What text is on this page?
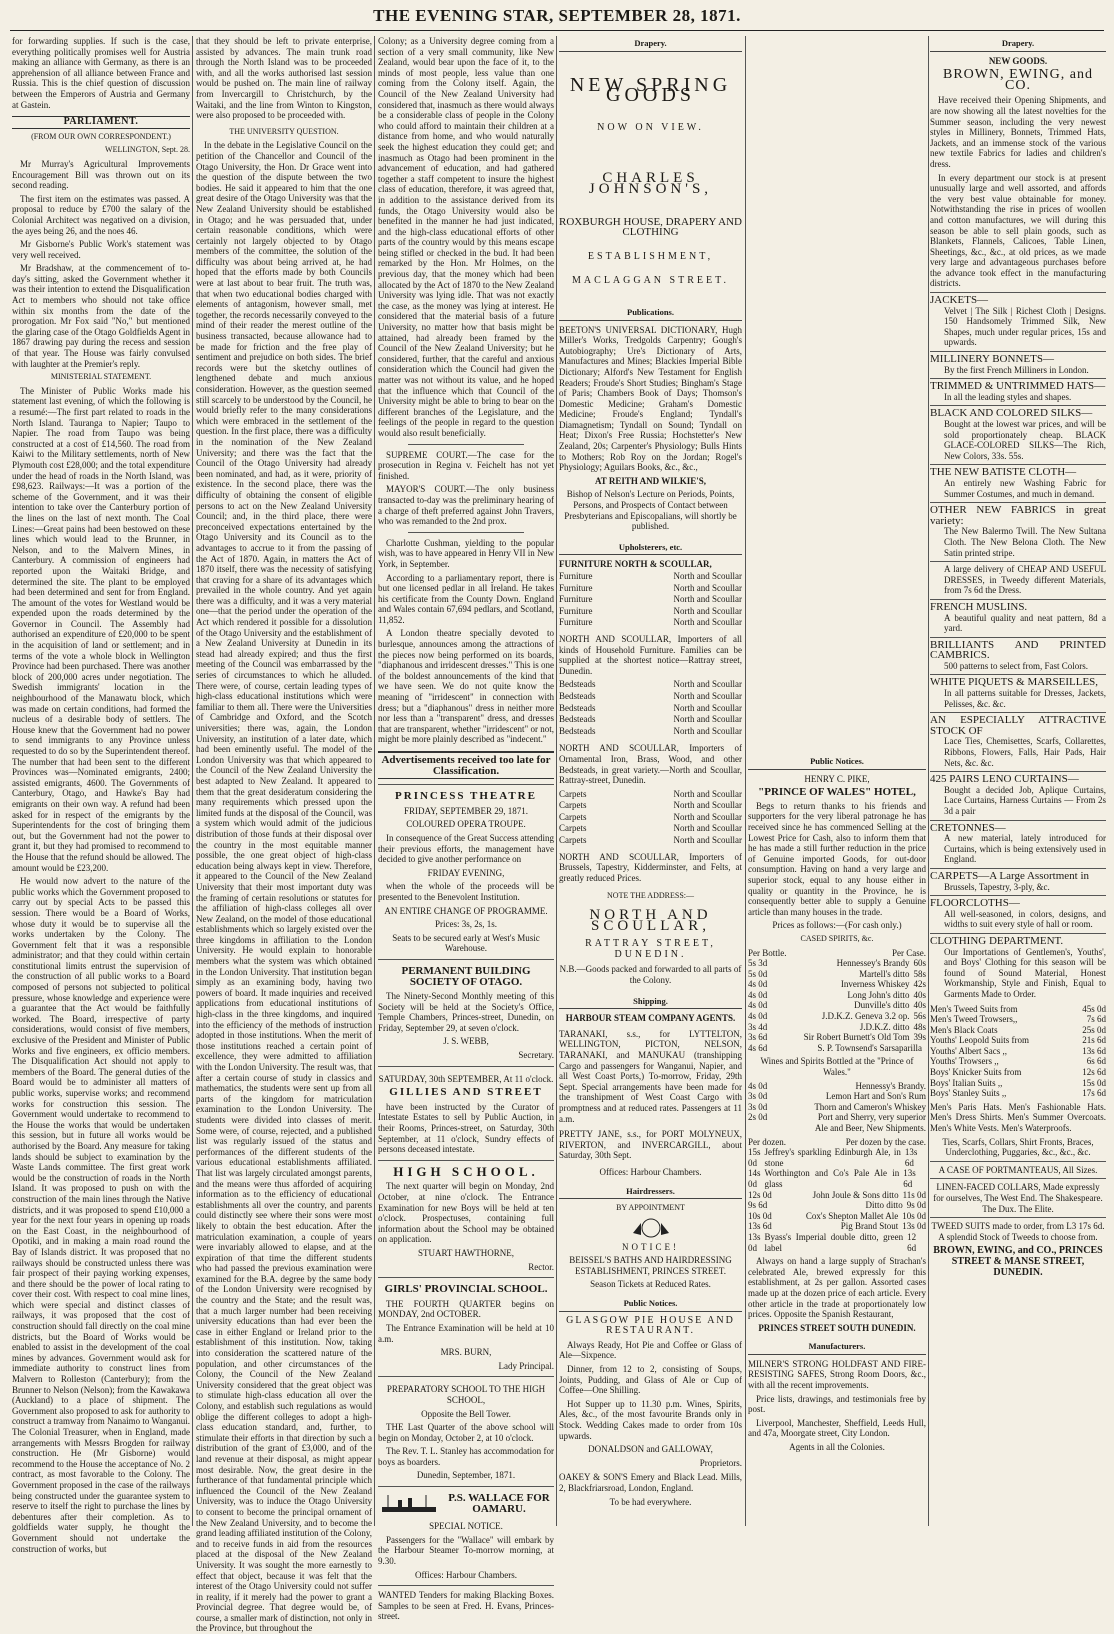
THE EVENING STAR, SEPTEMBER 28, 1871.

for forwarding supplies. If such is the case, everything politically promises well for Austria making an alliance with Germany, as there is an apprehension of all alliance between France and Russia. This is the chief question of discussion between the Emperors of Austria and Germany at Gastein.

PARLIAMENT.
(FROM OUR OWN CORRESPONDENT.)
WELLINGTON, Sept. 28.

Mr Murray's Agricultural Improvements Encouragement Bill was thrown out on its second reading.

The first item on the estimates was passed. A proposal to reduce by £700 the salary of the Colonial Architect was negatived on a division, the ayes being 26, and the noes 46.

Mr Gisborne's Public Work's statement was very well received.

Mr Bradshaw, at the commencement of to-day's sitting, asked the Government whether it was their intention to extend the Disqualification Act to members who should not take office within six months from the date of the prorogation. Mr Fox said "No," but mentioned the glaring case of the Otago Goldfields Agent in 1867 drawing pay during the recess and session of that year. The House was fairly convulsed with laughter at the Premier's reply.

MINISTERIAL STATEMENT.

The Minister of Public Works made his statement last evening, of which the following is a resumé:—The first part related to roads in the North Island. Tauranga to Napier; Taupo to Napier. The road from Taupo was being constructed at a cost of £14,560. The road from Kaiwi to the Military settlements, north of New Plymouth cost £28,000; and the total expenditure under the head of roads in the North Island, was £98,623. Railways:—It was a portion of the scheme of the Government, and it was their intention to take over the Canterbury portion of the lines on the last of next month. The Coal Lines:—Great pains had been bestowed on these lines which would lead to the Brunner, in Nelson, and to the Malvern Mines, in Canterbury. A commission of engineers had reported upon the Waitaki Bridge, and determined the site. The plant to be employed had been determined and sent for from England. The amount of the votes for Westland would be expended upon the roads determined by the Governor in Council. The Assembly had authorised an expenditure of £20,000 to be spent in the acquisition of land or settlement; and in terms of the vote a whole block in Wellington Province had been purchased. There was another block of 200,000 acres under negotiation. The Swedish immigrants' location in the neighbourhood of the Manawatu block, which was made on certain conditions, had formed the nucleus of a desirable body of settlers. The House knew that the Government had no power to send immigrants to any Province unless requested to do so by the Superintendent thereof. The number that had been sent to the different Provinces was—Nominated emigrants, 2400; assisted emigrants, 4600. The Governments of Canterbury, Otago, and Hawke's Bay had emigrants on their own way. A refund had been asked for in respect of the emigrants by the Superintendents for the cost of bringing them out, but the Government had not the power to grant it, but they had promised to recommend to the House that the refund should be allowed. The amount would be £23,200.

He would now advert to the nature of the public works which the Government proposed to carry out by special Acts to be passed this session. There would be a Board of Works, whose duty it would be to supervise all the works undertaken by the Colony. The Government felt that it was a responsible administrator; and that they could within certain constitutional limits entrust the supervision of the construction of all public works to a Board composed of persons not subjected to political pressure, whose knowledge and experience were a guarantee that the Act would be faithfully worked. The Board, irrespective of party considerations, would consist of five members, exclusive of the President and Minister of Public Works and five engineers, ex officio members. The Disqualification Act should not apply to members of the Board. The general duties of the Board would be to administer all matters of public works, supervise works; and recommend works for construction this session. The Government would undertake to recommend to the House the works that would be undertaken this session, but in future all works would be authorised by the Board. Any measure for taking lands should be subject to examination by the Waste Lands committee. The first great work would be the construction of roads in the North Island. It was proposed to push on with the construction of the main lines through the Native districts, and it was proposed to spend £10,000 a year for the next four years in opening up roads on the East Coast, in the neighbourhood of Opotiki, and in making a main road round the Bay of Islands district. It was proposed that no railways should be constructed unless there was fair prospect of their paying working expenses, and there should be the power of local rating to cover their cost. With respect to coal mine lines, which were special and distinct classes of railways, it was proposed that the cost of construction should fall directly on the coal mine districts, but the Board of Works would be enabled to assist in the development of the coal mines by advances. Government would ask for immediate authority to construct lines from Malvern to Rolleston (Canterbury); from the Brunner to Nelson (Nelson); from the Kawakawa (Auckland) to a place of shipment. The Government also proposed to ask for authority to construct a tramway from Nanaimo to Wanganui. The Colonial Treasurer, when in England, made arrangements with Messrs Brogden for railway construction. He (Mr Gisborne) would recommend to the House the acceptance of No. 2 contract, as most favorable to the Colony. The Government proposed in the case of the railways being constructed under the guarantee system to reserve to itself the right to purchase the lines by debentures after their completion. As to goldfields water supply, he thought the Government should not undertake the construction of works, but

that they should be left to private enterprise, assisted by advances. The main trunk road through the North Island was to be proceeded with, and all the works authorised last session would be pushed on. The main line of railway from Invercargill to Christchurch, by the Waitaki, and the line from Winton to Kingston, were also proposed to be proceeded with.

THE UNIVERSITY QUESTION.

In the debate in the Legislative Council on the petition of the Chancellor and Council of the Otago University, the Hon. Dr Grace went into the question of the dispute between the two bodies. He said it appeared to him that the one great desire of the Otago University was that the New Zealand University should be established in Otago; and he was persuaded that, under certain reasonable conditions, which were certainly not largely objected to by Otago members of the committee, the solution of the difficulty was about being arrived at, he had hoped that the efforts made by both Councils were at last about to bear fruit. The truth was, that when two educational bodies charged with elements of antagonism, however small, met together, the records necessarily conveyed to the mind of their reader the merest outline of the business transacted, because allowance had to be made for friction and the free play of sentiment and prejudice on both sides. The brief records were but the sketchy outlines of lengthened debate and much anxious consideration. However, as the question seemed still scarcely to be understood by the Council, he would briefly refer to the many considerations which were embraced in the settlement of the question. In the first place, there was a difficulty in the nomination of the New Zealand University; and there was the fact that the Council of the Otago University had already been nominated, and had, as it were, priority of existence. In the second place, there was the difficulty of obtaining the consent of eligible persons to act on the New Zealand University Council; and, in the third place, there were preconceived expectations entertained by the Otago University and its Council as to the advantages to accrue to it from the passing of the Act of 1870. Again, in matters the Act of 1870 itself, there was the necessity of satisfying that craving for a share of its advantages which prevailed in the whole country. And yet again there was a difficulty, and it was a very material one—that the period under the operation of the Act which rendered it possible for a dissolution of the Otago University and the establishment of a New Zealand University at Dunedin in its stead had already expired; and thus the first meeting of the Council was embarrassed by the series of circumstances to which he alluded. There were, of course, certain leading types of high-class educational institutions which were familiar to them all. There were the Universities of Cambridge and Oxford, and the Scotch universities; there was, again, the London University, an institution of a later date, which had been eminently useful. The model of the London University was that which appeared to the Council of the New Zealand University the best adapted to New Zealand. It appeared to them that the great desideratum considering the many requirements which pressed upon the limited funds at the disposal of the Council, was a system which would admit of the judicious distribution of those funds at their disposal over the country in the most equitable manner possible, the one great object of high-class education being always kept in view. Therefore, it appeared to the Council of the New Zealand University that their most important duty was the framing of certain resolutions or statutes for the affiliation of high-class colleges all over New Zealand, on the model of those educational establishments which so largely existed over the three kingdoms in affiliation to the London University. He would explain to honorable members what the system was which obtained in the London University. That institution began simply as an examining body, having two powers of board. It made inquiries and received applications from educational institutions of high-class in the three kingdoms, and inquired into the efficiency of the methods of instruction adopted in those institutions. When the merit of those institutions reached a certain point of excellence, they were admitted to affiliation with the London University. The result was, that after a certain course of study in classics and mathematics, the students were sent up from all parts of the kingdom for matriculation examination to the London University. The students were divided into classes of merit. Some were, of course, rejected, and a published list was regularly issued of the status and performances of the different students of the various educational establishments affiliated. That list was largely circulated amongst parents, and the means were thus afforded of acquiring information as to the efficiency of educational establishments all over the country, and parents could distinctly see where their sons were most likely to obtain the best education. After the matriculation examination, a couple of years were invariably allowed to elapse, and at the expiration of that time the different students who had passed the previous examination were examined for the B.A. degree by the same body of the London University were recognised by the country and the State; and the result was, that a much larger number had been receiving university educations than had ever been the case in either England or Ireland prior to the establishment of this institution. Now, taking into consideration the scattered nature of the population, and other circumstances of the Colony, the Council of the New Zealand University considered that the great object was to stimulate high-class education all over the Colony, and establish such regulations as would oblige the different colleges to adopt a high-class education standard, and, further, to stimulate their efforts in that direction by such a distribution of the grant of £3,000, and of the land revenue at their disposal, as might appear most desirable. Now, the great desire in the furtherance of that fundamental principle which influenced the Council of the New Zealand University, was to induce the Otago University to consent to become the principal ornament of the New Zealand University, and to become the grand leading affiliated institution of the Colony, and to receive funds in aid from the resources placed at the disposal of the New Zealand University. It was sought the more earnestly to effect that object, because it was felt that the interest of the Otago University could not suffer in reality, if it merely had the power to grant a Provincial degree. That degree would be, of course, a smaller mark of distinction, not only in the Province, but throughout the

Colony; as a University degree coming from a section of a very small community, like New Zealand, would bear upon the face of it, to the minds of most people, less value than one coming from the Colony itself. Again, the Council of the New Zealand University had considered that, inasmuch as there would always be a considerable class of people in the Colony who could afford to maintain their children at a distance from home, and who would naturally seek the highest education they could get; and inasmuch as Otago had been prominent in the advancement of education, and had gathered together a staff competent to insure the highest class of education, therefore, it was agreed that, in addition to the assistance derived from its funds, the Otago University would also be benefited in the manner he had just indicated, and the high-class educational efforts of other parts of the country would by this means escape being stifled or checked in the bud. It had been remarked by the Hon. Mr Holmes, on the previous day, that the money which had been allocated by the Act of 1870 to the New Zealand University was lying idle. That was not exactly the case, as the money was lying at interest. He considered that the material basis of a future University, no matter how that basis might be attained, had already been framed by the Council of the New Zealand University; but he considered, further, that the careful and anxious consideration which the Council had given the matter was not without its value, and he hoped that the influence which that Council of the University might be able to bring to bear on the different branches of the Legislature, and the feelings of the people in regard to the question would also result beneficially.

SUPREME COURT.—The case for the prosecution in Regina v. Feichelt has not yet finished.

MAYOR'S COURT.—The only business transacted to-day was the preliminary hearing of a charge of theft preferred against John Travers, who was remanded to the 2nd prox.

Charlotte Cushman, yielding to the popular wish, was to have appeared in Henry VII in New York, in September.

According to a parliamentary report, there is but one licensed pedlar in all Ireland. He takes his certificate from the County Down. England and Wales contain 67,694 pedlars, and Scotland, 11,852.

A London theatre specially devoted to burlesque, announces among the attractions of the pieces now being performed on its boards, "diaphanous and irridescent dresses." This is one of the boldest announcements of the kind that we have seen. We do not quite know the meaning of "irridescent" in connection with dress; but a "diaphanous" dress in neither more nor less than a "transparent" dress, and dresses that are transparent, whether "irridescent" or not, might be more plainly described as "indecent."

Advertisements received too late for Classification.
PRINCESS THEATRE
FRIDAY, SEPTEMBER 29, 1871.
COLOURED OPERA TROUPE.

In consequence of the Great Success attending their previous efforts, the management have decided to give another performance on

FRIDAY EVENING,

when the whole of the proceeds will be presented to the Benevolent Institution.

AN ENTIRE CHANGE OF PROGRAMME.
Prices: 3s, 2s, 1s.
Seats to be secured early at West's Music Warehouse.
PERMANENT BUILDING SOCIETY OF OTAGO.

The Ninety-Second Monthly meeting of this Society will be held at the Society's Office, Temple Chambers, Princes-street, Dunedin, on Friday, September 29, at seven o'clock.

J. S. WEBB,
Secretary.
SATURDAY, 30th SEPTEMBER, At 11 o'clock.
GILLIES AND STREET

have been instructed by the Curator of Intestate Estates to sell by Public Auction, in their Rooms, Princes-street, on Saturday, 30th September, at 11 o'clock, Sundry effects of persons deceased intestate.

HIGH SCHOOL.

The next quarter will begin on Monday, 2nd October, at nine o'clock. The Entrance Examination for new Boys will be held at ten o'clock. Prospectuses, containing full information about the School may be obtained on application.

STUART HAWTHORNE,
Rector.
GIRLS' PROVINCIAL SCHOOL.

THE FOURTH QUARTER begins on MONDAY, 2nd OCTOBER.

The Entrance Examination will be held at 10 a.m.

MRS. BURN,
Lady Principal.
PREPARATORY SCHOOL TO THE HIGH SCHOOL,
Opposite the Bell Tower.

THE Last Quarter of the above school will begin on Monday, October 2, at 10 o'clock.

The Rev. T. L. Stanley has accommodation for boys as boarders.

Dunedin, September, 1871.
P.S. WALLACE FOR OAMARU.
SPECIAL NOTICE.

Passengers for the "Wallace" will embark by the Harbour Steamer To-morrow morning, at 9.30.

Offices: Harbour Chambers.

WANTED Tenders for making Blacking Boxes. Samples to be seen at Fred. H. Evans, Princes-street.

Drapery.
NEW SPRING GOODS
NOW ON VIEW.
CHARLES JOHNSON'S,
ROXBURGH HOUSE, DRAPERY AND CLOTHING
ESTABLISHMENT,
MACLAGGAN STREET.
Publications.

BEETON'S UNIVERSAL DICTIONARY, Hugh Miller's Works, Tredgolds Carpentry; Gough's Autobiography; Ure's Dictionary of Arts, Manufactures and Mines; Blackies Imperial Bible Dictionary; Alford's New Testament for English Readers; Froude's Short Studies; Bingham's Stage of Paris; Chambers Book of Days; Thomson's Domestic Medicine; Graham's Domestic Medicine; Froude's England; Tyndall's Diamagnetism; Tyndall on Sound; Tyndall on Heat; Dixon's Free Russia; Hochstetter's New Zealand, 20s; Carpenter's Physiology; Bulls Hints to Mothers; Rob Roy on the Jordan; Rogel's Physiology; Aguilars Books, &c., &c.,

AT REITH AND WILKIE'S,

Bishop of Nelson's Lecture on Periods, Points, Persons, and Prospects of Contact between Presbyterians and Episcopalians, will shortly be published.

Upholsterers, etc.
FURNITURE NORTH & SCOULLAR,
Furniture	North and Scoullar
Furniture	North and Scoullar
Furniture	North and Scoullar
Furniture	North and Scoullar
Furniture	North and Scoullar

NORTH AND SCOULLAR, Importers of all kinds of Household Furniture. Families can be supplied at the shortest notice—Rattray street, Dunedin.

Bedsteads	North and Scoullar
Bedsteads	North and Scoullar
Bedsteads	North and Scoullar
Bedsteads	North and Scoullar
Bedsteads	North and Scoullar

NORTH AND SCOULLAR, Importers of Ornamental Iron, Brass, Wood, and other Bedsteads, in great variety.—North and Scoullar, Rattray-street, Dunedin.

Carpets	North and Scoullar
Carpets	North and Scoullar
Carpets	North and Scoullar
Carpets	North and Scoullar
Carpets	North and Scoullar

NORTH AND SCOULLAR, Importers of Brussels, Tapestry, Kidderminster, and Felts, at greatly reduced Prices.

NOTE THE ADDRESS:—
NORTH AND SCOULLAR,
RATTRAY STREET, DUNEDIN.
N.B.—Goods packed and forwarded to all parts of the Colony.
Shipping.
HARBOUR STEAM COMPANY AGENTS.

TARANAKI, s.s., for LYTTELTON, WELLINGTON, PICTON, NELSON, TARANAKI, and MANUKAU (transhipping Cargo and passengers for Wanganui, Napier, and all West Coast Ports,) To-morrow, Friday, 29th Sept. Special arrangements have been made for the transhipment of West Coast Cargo with promptness and at reduced rates. Passengers at 11 a.m.

PRETTY JANE, s.s., for PORT MOLYNEUX, RIVERTON, and INVERCARGILL, about Saturday, 30th Sept.

Offices: Harbour Chambers.
Hairdressers.
BY APPOINTMENT
NOTICE!

BEISSEL'S BATHS AND HAIRDRESSING ESTABLISHMENT, PRINCES STREET.

Season Tickets at Reduced Rates.
Public Notices.
GLASGOW PIE HOUSE AND RESTAURANT.

Always Ready, Hot Pie and Coffee or Glass of Ale—Sixpence.

Dinner, from 12 to 2, consisting of Soups, Joints, Pudding, and Glass of Ale or Cup of Coffee—One Shilling.

Hot Supper up to 11.30 p.m. Wines, Spirits, Ales, &c., of the most favourite Brands only in Stock. Wedding Cakes made to order from 10s upwards.

DONALDSON and GALLOWAY,
Proprietors.

OAKEY & SON'S Emery and Black Lead. Mills, 2, Blackfriarsroad, London, England.

To be had everywhere.
Public Notices.
HENRY C. PIKE,
"PRINCE OF WALES" HOTEL,

Begs to return thanks to his friends and supporters for the very liberal patronage he has received since he has commenced Selling at the Lowest Price for Cash, also to inform them that he has made a still further reduction in the price of Genuine imported Goods, for out-door consumption. Having on hand a very large and superior stock, equal to any house either in quality or quantity in the Province, he is consequently better able to supply a Genuine article than many houses in the trade.

Prices as follows:—(For cash only.)
CASED SPIRITS, &c.
Per Bottle.	Per Case.
5s 3d	Hennessey's Brandy 60s
5s 0d	Martell's ditto 58s
4s 0d	Inverness Whiskey 42s
4s 0d	Long John's ditto 40s
4s 0d	Dunville's ditto 40s
4s 0d	J.D.K.Z. Geneva 3.2 op. 56s
3s 4d	J.D.K.Z. ditto 48s
3s 6d	Sir Robert Burnett's Old Tom 39s
4s 6d	S. P. Townsend's Sarsaparilla
Wines and Spirits Bottled at the "Prince of Wales."
4s 0d	Hennessy's Brandy.
3s 0d	Lemon Hart and Son's Rum
3s 0d	Thorn and Cameron's Whiskey
2s 0d	Port and Sherry, very superior
Ale and Beer, New Shipments.
Per dozen.	Per dozen by the case.
15s 0d
Jeffrey's sparkling Edinburgh Ale, in stone
13s 6d
14s 0d
Worthington and Co's Pale Ale in glass
13s 6d
12s 0d	John Joule & Sons ditto 11s 0d
9s 6d	Ditto ditto 9s 0d
10s 0d	Cox's Shepton Mallet Ale 10s 0d
13s 6d	Pig Brand Stout 13s 0d
13s 0d
Byass's Imperial double ditto, green label
12 6d

Always on hand a large supply of Strachan's celebrated Ale, brewed expressly for this establishment, at 2s per gallon. Assorted cases made up at the dozen price of each article. Every other article in the trade at proportionately low prices. Opposite the Spanish Restaurant,

PRINCES STREET SOUTH DUNEDIN.
Manufacturers.

MILNER'S STRONG HOLDFAST AND FIRE-RESISTING SAFES, Strong Room Doors, &c., with all the recent improvements.

Price lists, drawings, and testimonials free by post.

Liverpool, Manchester, Sheffield, Leeds Hull, and 47a, Moorgate street, City London.

Agents in all the Colonies.
Drapery.
NEW GOODS.
BROWN, EWING, and CO.

Have received their Opening Shipments, and are now showing all the latest novelties for the Summer season, including the very newest styles in Millinery, Bonnets, Trimmed Hats, Jackets, and an immense stock of the various new textile Fabrics for ladies and children's dress.

In every department our stock is at present unusually large and well assorted, and affords the very best value obtainable for money. Notwithstanding the rise in prices of woollen and cotton manufactures, we will during this season be able to sell plain goods, such as Blankets, Flannels, Calicoes, Table Linen, Sheetings, &c., &c., at old prices, as we made very large and advantageous purchases before the advance took effect in the manufacturing districts.

JACKETS—
Velvet | The Silk | Richest Cloth | Designs. 150 Handsomely Trimmed Silk, New Shapes, much under regular prices, 15s and upwards.
MILLINERY BONNETS—
By the first French Milliners in London.
TRIMMED & UNTRIMMED HATS—
In all the leading styles and shapes.
BLACK AND COLORED SILKS—
Bought at the lowest war prices, and will be sold proportionately cheap. BLACK GLACE-COLORED SILKS—The Rich, New Colors, 33s. 55s.
THE NEW BATISTE CLOTH—
An entirely new Washing Fabric for Summer Costumes, and much in demand.
OTHER NEW FABRICS in great variety:
The New Balermo Twill. The New Sultana Cloth. The New Belona Cloth. The New Satin printed stripe.
A large delivery of CHEAP AND USEFUL DRESSES, in Tweedy different Materials, from 7s 6d the Dress.
FRENCH MUSLINS.
A beautiful quality and neat pattern, 8d a yard.
BRILLIANTS AND PRINTED CAMBRICS.
500 patterns to select from, Fast Colors.
WHITE PIQUETS & MARSEILLES,
In all patterns suitable for Dresses, Jackets, Pelisses, &c. &c.
AN ESPECIALLY ATTRACTIVE STOCK OF
Lace Ties, Chemisettes, Scarfs, Collarettes, Ribbons, Flowers, Falls, Hair Pads, Hair Nets, &c. &c.
425 PAIRS LENO CURTAINS—
Bought a decided Job, Aplique Curtains, Lace Curtains, Harness Curtains — From 2s 3d a pair
CRETONNES—
A new material, lately introduced for Curtains, which is being extensively used in England.
CARPETS—A Large Assortment in
Brussels, Tapestry, 3-ply, &c.
FLOORCLOTHS—
All well-seasoned, in colors, designs, and widths to suit every style of hall or room.
CLOTHING DEPARTMENT.
Our Importations of Gentlemen's, Youths', and Boys' Clothing for this season will be found of Sound Material, Honest Workmanship, Style and Finish, Equal to Garments Made to Order.
Men's Tweed Suits from	45s 0d
Men's Tweed Trowsers,,	7s 6d
Men's Black Coats	25s 0d
Youths' Leopold Suits from	21s 6d
Youths' Albert Sacs ,,	13s 6d
Youths' Trowsers ,,	6s 6d
Boys' Knicker Suits from	12s 6d
Boys' Italian Suits ,,	15s 0d
Boys' Stanley Suits ,,	17s 6d

Men's Paris Hats. Men's Fashionable Hats. Men's Dress Shirts. Men's Summer Overcoats. Men's White Vests. Men's Waterproofs.

Ties, Scarfs, Collars, Shirt Fronts, Braces, Underclothing, Puggaries, &c., &c., &c.

A CASE OF PORTMANTEAUS, All Sizes.
LINEN-FACED COLLARS, Made expressly for ourselves, The West End. The Shakespeare. The Dux. The Elite.
TWEED SUITS made to order, from L3 17s 6d. A splendid Stock of Tweeds to choose from.
BROWN, EWING, and CO., PRINCES STREET & MANSE STREET, DUNEDIN.
